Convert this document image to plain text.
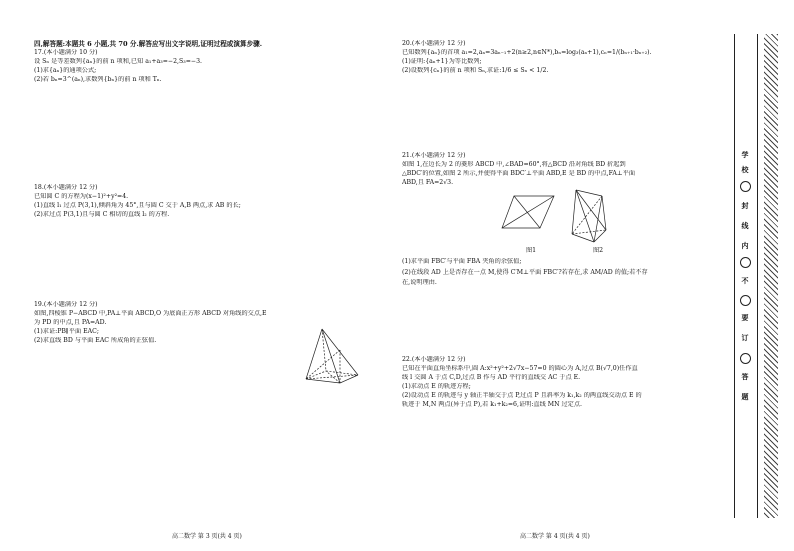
四,解答题:本题共 6 小题,共 70 分.解答应写出文字说明,证明过程或演算步骤.
17.(本小题满分 10 分)
设 Sₙ 是等差数列{aₙ}的前 n 项和,已知 a₁+a₃=−2,S₃=−3.
(1)求{aₙ}的通项公式;
(2)若 bₙ=3^(aₙ),求数列{bₙ}的前 n 项和 Tₙ.
18.(本小题满分 12 分)
已知圆 C 的方程为(x−1)²+y²=4.
(1)直线 l₁ 过点 P(3,1),倾斜角为 45°,且与圆 C 交于 A,B 两点,求 AB 的长;
(2)求过点 P(3,1)且与圆 C 相切的直线 l₂ 的方程.
19.(本小题满分 12 分)
如图,四棱锥 P−ABCD 中,PA⊥平面 ABCD,O 为底面正方形 ABCD 对角线的交点,E
为 PD 的中点,且 PA=AD.
(1)求证:PB∥平面 EAC;
(2)求直线 BD 与平面 EAC 所成角的正弦值.
高二数学 第 3 页(共 4 页)
20.(本小题满分 12 分)
已知数列{aₙ}的首项 a₁=2,aₙ=3aₙ₋₁+2(n≥2,n∈N*),bₙ=log₃(aₙ+1),cₙ=1/(bₙ₊₁·bₙ₊₂).
(1)证明:{aₙ+1}为等比数列;
(2)设数列{cₙ}的前 n 项和 Sₙ,求证:1/6 ≤ Sₙ < 1/2.
21.(本小题满分 12 分)
如图 1,在边长为 2 的菱形 ABCD 中,∠BAD=60°,将△BCD 沿对角线 BD 折起到
△BDC′的位置,如图 2 所示,并使得平面 BDC′⊥平面 ABD,E 是 BD 的中点,FA⊥平面
ABD,且 FA=2√3.
图1	图2
(1)求平面 FBC′与平面 FBA 夹角的余弦值;
(2)在线段 AD 上是否存在一点 M,使得 C′M⊥平面 FBC′?若存在,求 AM/AD 的值;若不存
在,说明理由.
22.(本小题满分 12 分)
已知在平面直角坐标系中,圆 A:x²+y²+2√7x−57=0 的圆心为 A,过点 B(√7,0)任作直
线 l 交圆 A 于点 C,D,过点 B 作与 AD 平行的直线交 AC 于点 E.
(1)求动点 E 的轨迹方程;
(2)设动点 E 的轨迹与 y 轴正半轴交于点 P,过点 P 且斜率为 k₁,k₂ 的两直线交动点 E 的
轨迹于 M,N 两点(异于点 P),若 k₁+k₂=6,证明:直线 MN 过定点.
高二数学 第 4 页(共 4 页)
学
校
封
线
内
不
要
订
答
题
